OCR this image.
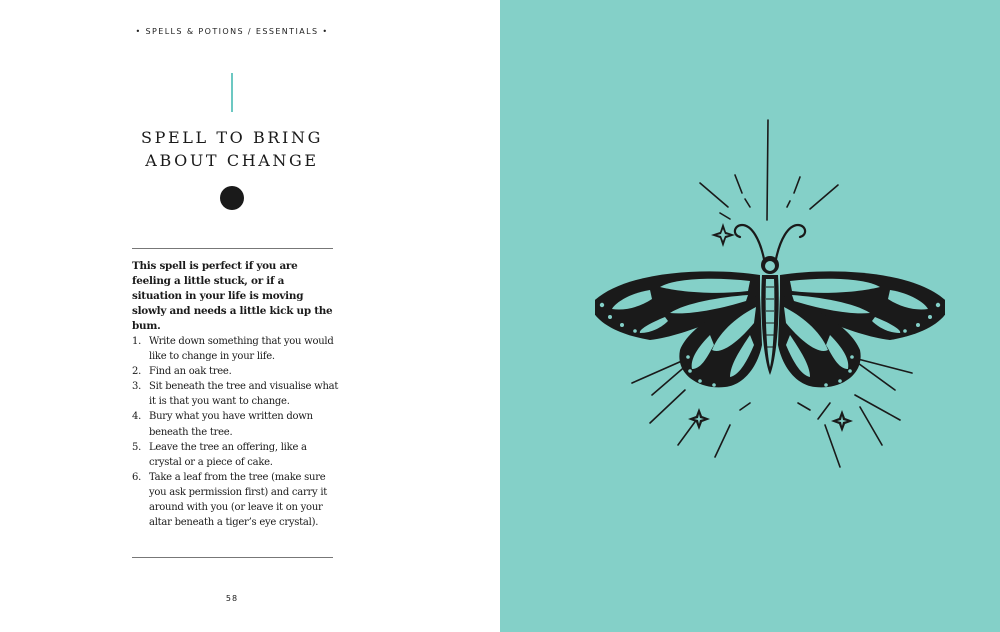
• SPELLS & POTIONS / ESSENTIALS •
SPELL TO BRING
ABOUT CHANGE

This spell is perfect if you are feeling a little stuck, or if a situation in your life is moving slowly and needs a little kick up the bum.

1. Write down something that you would like to change in your life.
2. Find an oak tree.
3. Sit beneath the tree and visualise what it is that you want to change.
4. Bury what you have written down beneath the tree.
5. Leave the tree an offering, like a crystal or a piece of cake.
6. Take a leaf from the tree (make sure you ask permission first) and carry it around with you (or leave it on your altar beneath a tiger’s eye crystal).
58
